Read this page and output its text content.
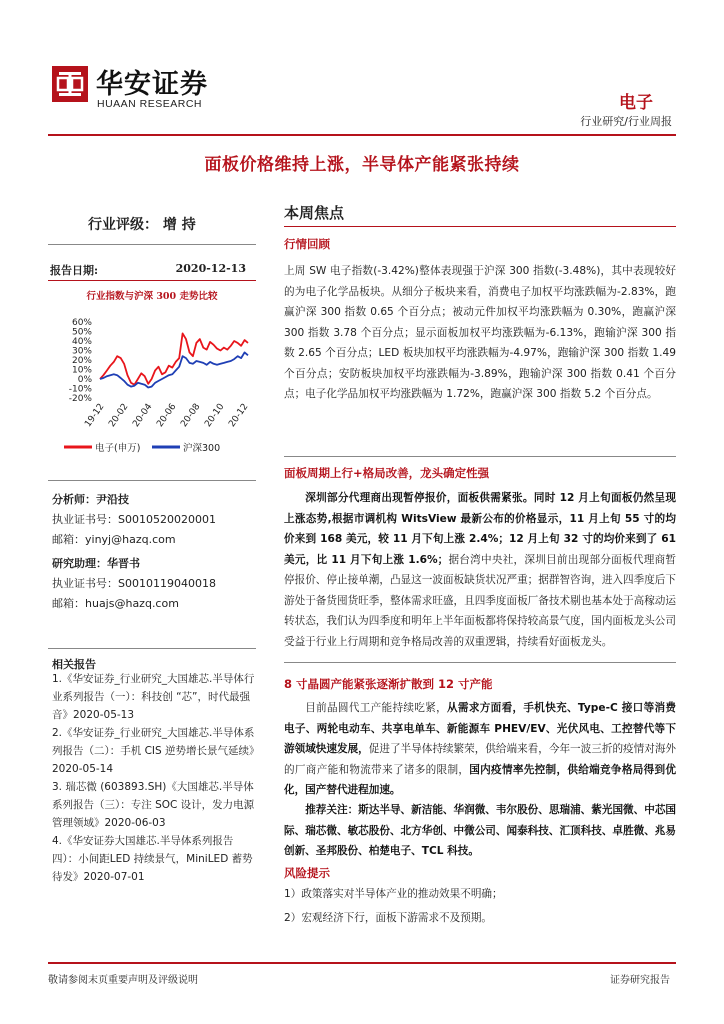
华安证券
HUAAN RESEARCH	电子
行业研究/行业周报
面板价格维持上涨，半导体产能紧张持续
行业评级： 增 持
报告日期:	2020-12-13
行业指数与沪深 300 走势比较
60%
50%
40%
30%
20%
10%
0%
-10%
-20%
19-12 20-02 20-04 20-06 20-08 20-10 20-12
电子(申万)	沪深300
分析师：尹沿技
执业证书号：S0010520020001
邮箱：yinyj@hazq.com
研究助理：华晋书
执业证书号：S0010119040018
邮箱：huajs@hazq.com
相关报告
1.《华安证券_行业研究_大国雄芯.半导体行业系列报告（一）：科技创 “芯”，时代最强音》2020-05-13
2.《华安证券_行业研究_大国雄芯.半导体系列报告（二）：手机 CIS 逆势增长景气延续》2020-05-14
3. 瑞芯微 (603893.SH)《大国雄芯.半导体系列报告（三）：专注 SOC 设计，发力电源管理领域》2020-06-03
4.《华安证券大国雄芯.半导体系列报告四）：小间距LED 持续景气，MiniLED 蓄势待发》2020-07-01
本周焦点
行情回顾
上周 SW 电子指数(-3.42%)整体表现强于沪深 300 指数(-3.48%)，其中表现较好的为电子化学品板块。从细分子板块来看，消费电子加权平均涨跌幅为-2.83%，跑赢沪深 300 指数 0.65 个百分点；被动元件加权平均涨跌幅为 0.30%，跑赢沪深 300 指数 3.78 个百分点；显示面板加权平均涨跌幅为-6.13%，跑输沪深 300 指数 2.65 个百分点；LED 板块加权平均涨跌幅为-4.97%，跑输沪深 300 指数 1.49 个百分点；安防板块加权平均涨跌幅为-3.89%，跑输沪深 300 指数 0.41 个百分点；电子化学品加权平均涨跌幅为 1.72%，跑赢沪深 300 指数 5.2 个百分点。
面板周期上行+格局改善，龙头确定性强
深圳部分代理商出现暂停报价，面板供需紧张。同时 12 月上旬面板仍然呈现上涨态势,根据市调机构 WitsView 最新公布的价格显示，11 月上旬 55 寸的均价来到 168 美元，较 11 月下旬上涨 2.4%；12 月上旬 32 寸的均价来到了 61 美元，比 11 月下旬上涨 1.6%；据台湾中央社，深圳目前出现部分面板代理商暂停报价、停止接单潮，凸显这一波面板缺货状况严重；据群智咨询，进入四季度后下游处于备货囤货旺季，整体需求旺盛，且四季度面板厂备技术剔也基本处于高稼动运转状态，我们认为四季度和明年上半年面板都将保持较高景气度，国内面板龙头公司受益于行业上行周期和竞争格局改善的双重逻辑，持续看好面板龙头。
8 寸晶圆产能紧张逐渐扩散到 12 寸产能
目前晶圆代工产能持续吃紧，从需求方面看，手机快充、Type-C 接口等消费电子、两轮电动车、共享电单车、新能源车 PHEV/EV、光伏风电、工控替代等下游领域快速发展，促进了半导体持续繁荣，供给端来看，今年一波三折的疫情对海外的厂商产能和物流带来了诸多的限制，国内疫情率先控制，供给端竞争格局得到优化，国产替代进程加速。
推荐关注：斯达半导、新洁能、华润微、韦尔股份、思瑞浦、紫光国微、中芯国际、瑞芯微、敏芯股份、北方华创、中微公司、闻泰科技、汇顶科技、卓胜微、兆易创新、圣邦股份、柏楚电子、TCL 科技。
风险提示
1）政策落实对半导体产业的推动效果不明确；
2）宏观经济下行，面板下游需求不及预期。
敬请参阅末页重要声明及评级说明	证券研究报告
